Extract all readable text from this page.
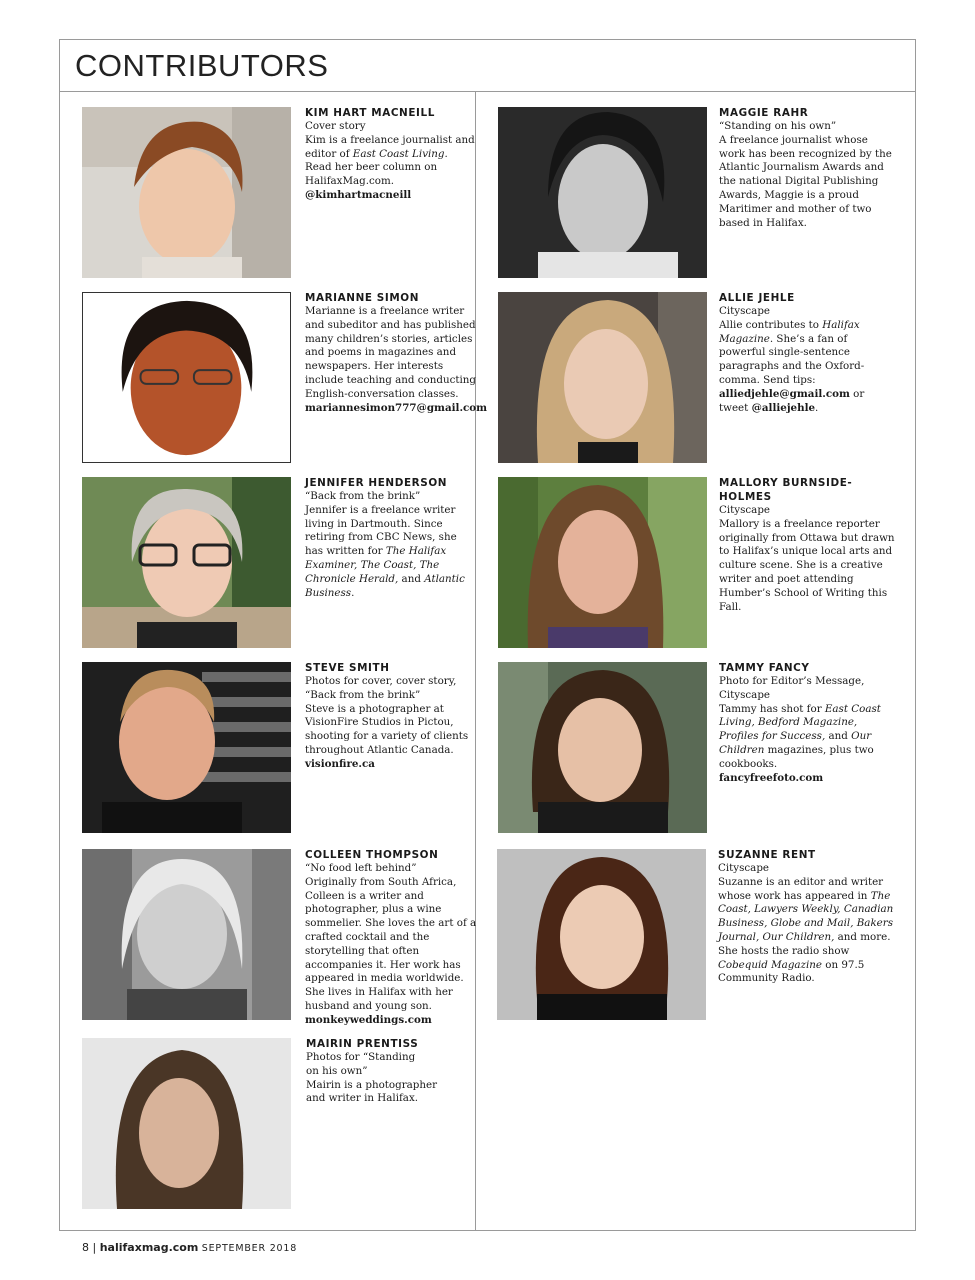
CONTRIBUTORS

KIM HART MACNEILL

Cover story

Kim is a freelance journalist and editor of East Coast Living. Read her beer column on HalifaxMag.com.

@kimhartmacneill

MARIANNE SIMON

Marianne is a freelance writer and subeditor and has published many children’s stories, articles and poems in magazines and newspapers. Her interests include teaching and conducting English-conversation classes.

mariannesimon777@gmail.com

JENNIFER HENDERSON

“Back from the brink”

Jennifer is a freelance writer living in Dartmouth. Since retiring from CBC News, she has written for The Halifax Examiner, The Coast, The Chronicle Herald, and Atlantic Business.

STEVE SMITH

Photos for cover, cover story, “Back from the brink”

Steve is a photographer at VisionFire Studios in Pictou, shooting for a variety of clients throughout Atlantic Canada.  visionfire.ca

COLLEEN THOMPSON

“No food left behind”

Originally from South Africa, Colleen is a writer and photographer, plus a wine sommelier. She loves the art of a crafted cocktail and the storytelling that often accompanies it. Her work has appeared in media worldwide. She lives in Halifax with her husband and young son.

monkeyweddings.com

MAIRIN PRENTISS

Photos for “Standing on his own”

Mairin is a photographer and writer in Halifax.

MAGGIE RAHR

“Standing on his own”

A freelance journalist whose work has been recognized by the Atlantic Journalism Awards and the national Digital Publishing Awards, Maggie is a proud Maritimer and mother of two based in Halifax.

ALLIE JEHLE

Cityscape

Allie contributes to Halifax Magazine. She’s a fan of powerful single-sentence paragraphs and the Oxford-comma. Send tips: alliedjehle@gmail.com or tweet @alliejehle.

MALLORY BURNSIDE-HOLMES

Cityscape

Mallory is a freelance reporter originally from Ottawa but drawn to Halifax’s unique local arts and culture scene. She is a creative writer and poet attending Humber’s School of Writing this Fall.

TAMMY FANCY

Photo for Editor’s Message, Cityscape

Tammy has shot for East Coast Living, Bedford Magazine, Profiles for Success, and Our Children magazines, plus two cookbooks.

fancyfreefoto.com

SUZANNE RENT

Cityscape

Suzanne is an editor and writer whose work has appeared in The Coast, Lawyers Weekly, Canadian Business, Globe and Mail, Bakers Journal, Our Children, and more. She hosts the radio show Cobequid Magazine on 97.5 Community Radio.

8 | halifaxmag.com SEPTEMBER 2018
